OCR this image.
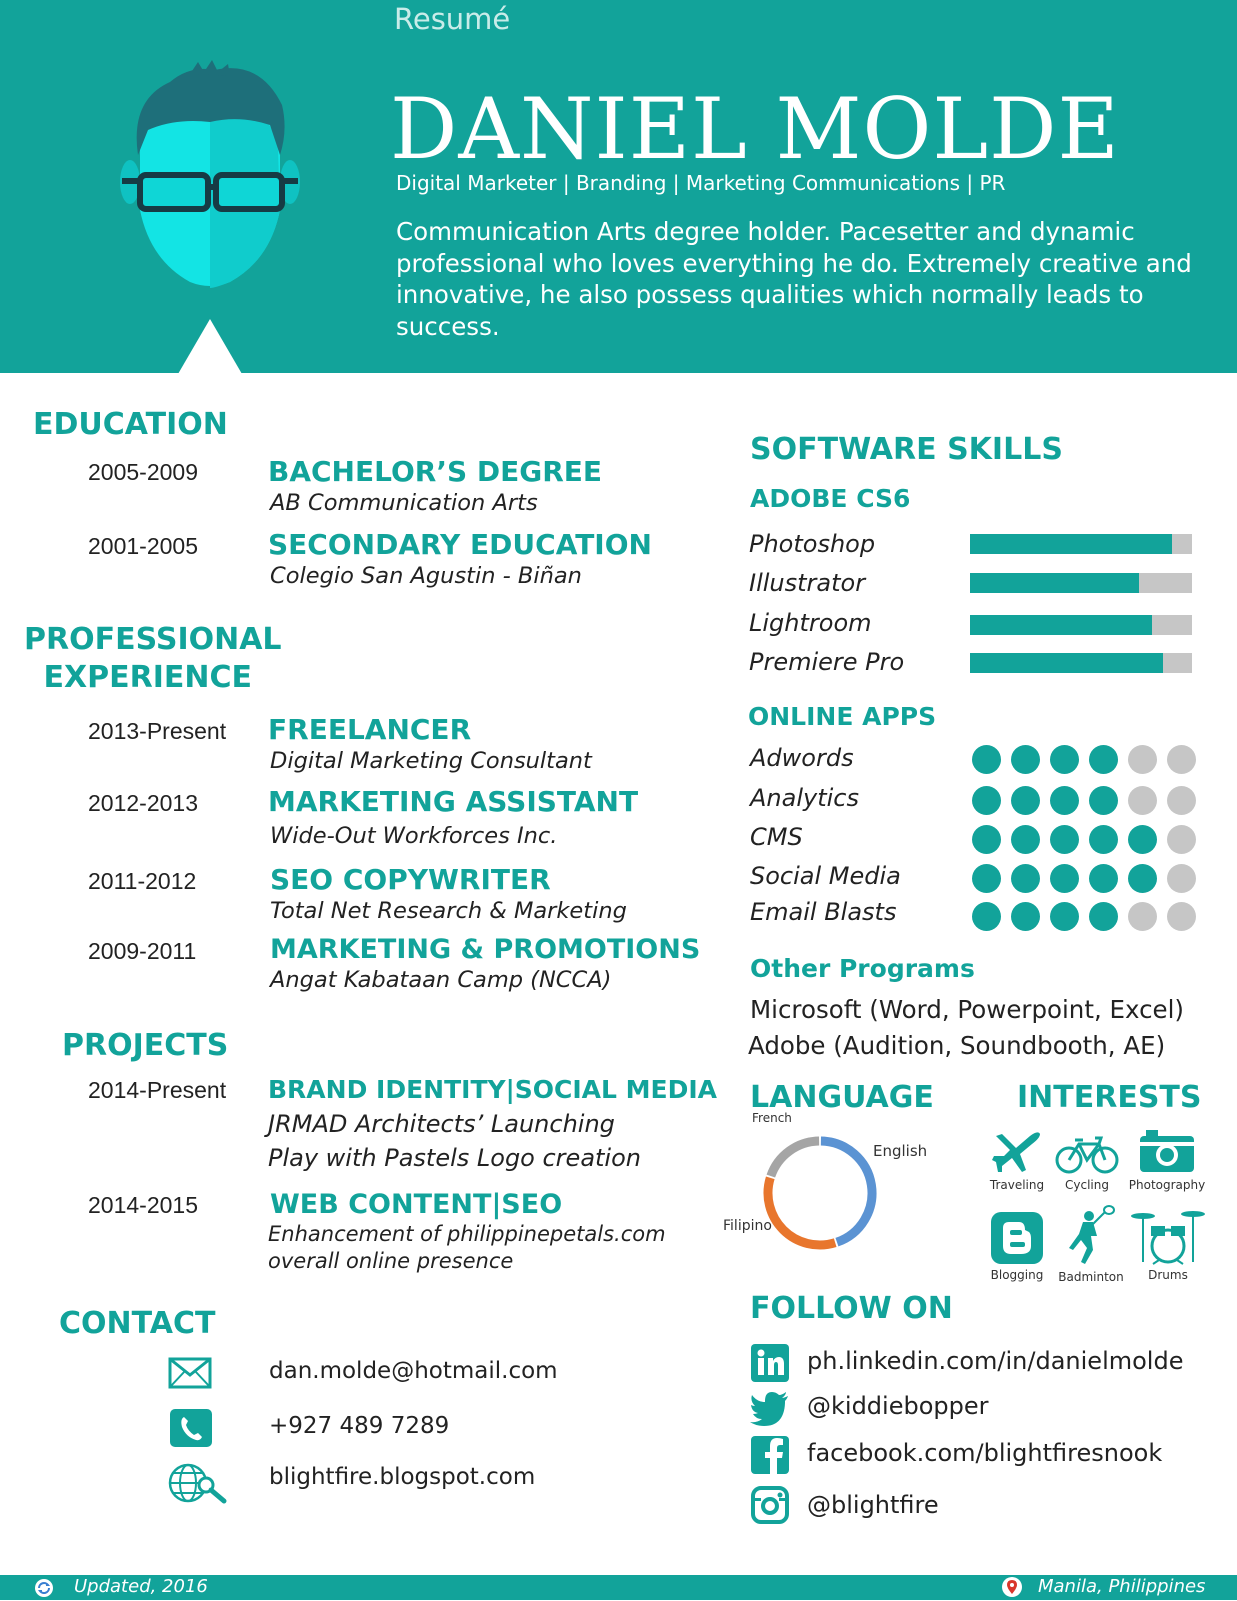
Resumé
DANIEL MOLDE
Digital Marketer | Branding | Marketing Communications | PR
Communication Arts degree holder. Pacesetter and dynamic professional who loves everything he do. Extremely creative and innovative, he also possess qualities which normally leads to success.
EDUCATION
2005-2009	BACHELOR’S DEGREE
AB Communication Arts
2001-2005	SECONDARY EDUCATION
Colegio San Agustin - Biñan
PROFESSIONAL
EXPERIENCE
2013-Present FREELANCER
Digital Marketing Consultant
2012-2013	MARKETING ASSISTANT
Wide-Out Workforces Inc.
2011-2012	SEO COPYWRITER
Total Net Research & Marketing
2009-2011	MARKETING & PROMOTIONS
Angat Kabataan Camp (NCCA)
PROJECTS
2014-Present BRAND IDENTITY|SOCIAL MEDIA
JRMAD Architects’ Launching
Play with Pastels Logo creation
2014-2015	WEB CONTENT|SEO
Enhancement of philippinepetals.com
overall online presence
CONTACT
dan.molde@hotmail.com
+927 489 7289
blightfire.blogspot.com
SOFTWARE SKILLS
ADOBE CS6
Photoshop
Illustrator
Lightroom
Premiere Pro
ONLINE APPS
Adwords
Analytics
CMS
Social Media
Email Blasts
Other Programs
Microsoft (Word, Powerpoint, Excel)
Adobe (Audition, Soundbooth, AE)
LANGUAGE
English
Filipino
French
INTERESTS
Traveling	Cycling	Photography
Blogging	Badminton	Drums
FOLLOW ON
ph.linkedin.com/in/danielmolde
@kiddiebopper
facebook.com/blightfiresnook
@blightfire
Updated, 2016	Manila, Philippines
